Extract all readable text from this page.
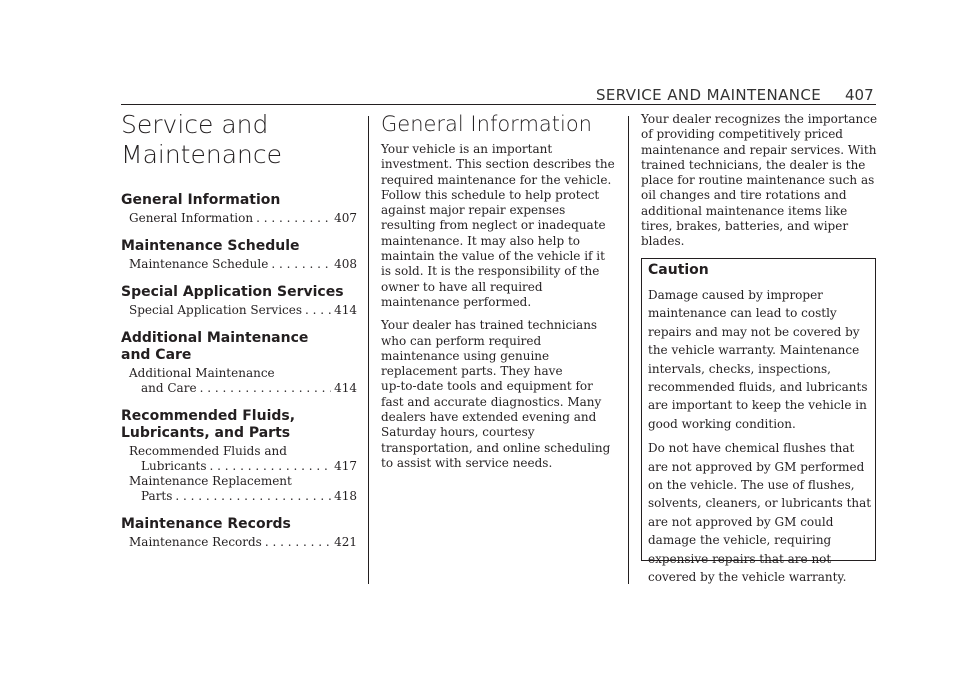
SERVICE AND MAINTENANCE 407
Service and
Maintenance
General Information
General Information . . .	407
Maintenance Schedule
Maintenance Schedule . . .	408
Special Application Services
Special Application Services . . .	414
Additional Maintenance
and Care
Additional Maintenance
and Care . . .	414
Recommended Fluids,
Lubricants, and Parts
Recommended Fluids and
Lubricants . . .	417
Maintenance Replacement
Parts . . .	418
Maintenance Records
Maintenance Records . . .	421
General Information
Your vehicle is an important
investment. This section describes the
required maintenance for the vehicle.
Follow this schedule to help protect
against major repair expenses
resulting from neglect or inadequate
maintenance. It may also help to
maintain the value of the vehicle if it
is sold. It is the responsibility of the
owner to have all required
maintenance performed.
Your dealer has trained technicians
who can perform required
maintenance using genuine
replacement parts. They have
up-to-date tools and equipment for
fast and accurate diagnostics. Many
dealers have extended evening and
Saturday hours, courtesy
transportation, and online scheduling
to assist with service needs.
Your dealer recognizes the importance
of providing competitively priced
maintenance and repair services. With
trained technicians, the dealer is the
place for routine maintenance such as
oil changes and tire rotations and
additional maintenance items like
tires, brakes, batteries, and wiper
blades.
Caution
Damage caused by improper
maintenance can lead to costly
repairs and may not be covered by
the vehicle warranty. Maintenance
intervals, checks, inspections,
recommended fluids, and lubricants
are important to keep the vehicle in
good working condition.
Do not have chemical flushes that
are not approved by GM performed
on the vehicle. The use of flushes,
solvents, cleaners, or lubricants that
are not approved by GM could
damage the vehicle, requiring
expensive repairs that are not
covered by the vehicle warranty.
